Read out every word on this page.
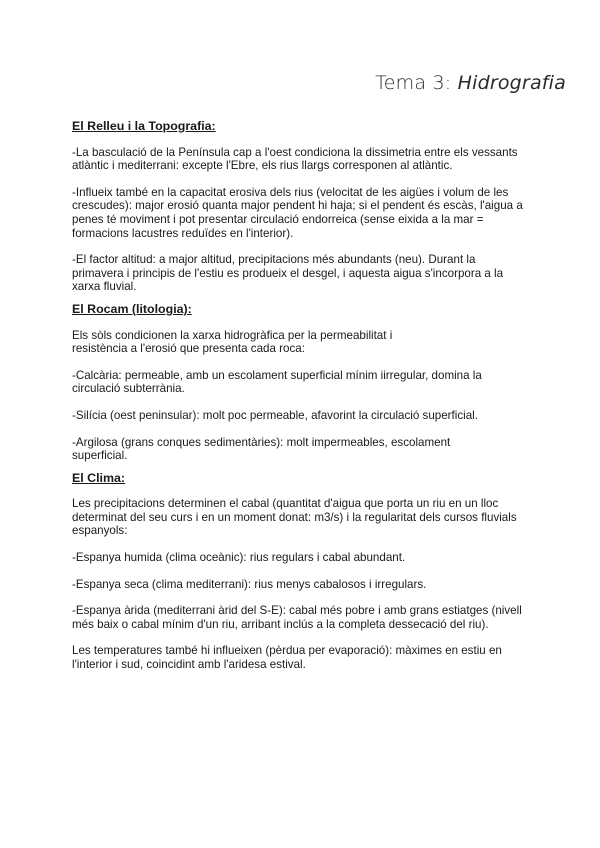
Tema 3: Hidrografia
El Relleu i la Topografia:

-La basculació de la Península cap a l'oest condiciona la dissimetria entre els vessants atlàntic i mediterrani: excepte l'Ebre, els rius llargs corresponen al atlàntic.

-Influeix també en la capacitat erosiva dels rius (velocitat de les aigües i volum de les crescudes): major erosió quanta major pendent hi haja; si el pendent és escàs, l'aigua a penes té moviment i pot presentar circulació endorreica (sense eixida a la mar = formacions lacustres reduïdes en l'interior).

-El factor altitud: a major altitud, precipitacions més abundants (neu). Durant la primavera i principis de l'estiu es produeix el desgel, i aquesta aigua s'incorpora a la xarxa fluvial.

El Rocam (litologia):

Els sòls condicionen la xarxa hidrogràfica per la permeabilitat i resistència a l'erosió que presenta cada roca:

-Calcària: permeable, amb un escolament superficial mínim iirregular, domina la circulació subterrània.

-Silícia (oest peninsular): molt poc permeable, afavorint la circulació superficial.

-Argilosa (grans conques sedimentàries): molt impermeables, escolament superficial.

El Clima:

Les precipitacions determinen el cabal (quantitat d'aigua que porta un riu en un lloc determinat del seu curs i en un moment donat: m3/s) i la regularitat dels cursos fluvials espanyols:

-Espanya humida (clima oceànic): rius regulars i cabal abundant.

-Espanya seca (clima mediterrani): rius menys cabalosos i irregulars.

-Espanya àrida (mediterrani àrid del S-E): cabal més pobre i amb grans estiatges (nivell més baix o cabal mínim d'un riu, arribant inclús a la completa dessecació del riu).

Les temperatures també hi influeixen (pèrdua per evaporació): màximes en estiu en l'interior i sud, coincidint amb l'aridesa estival.
